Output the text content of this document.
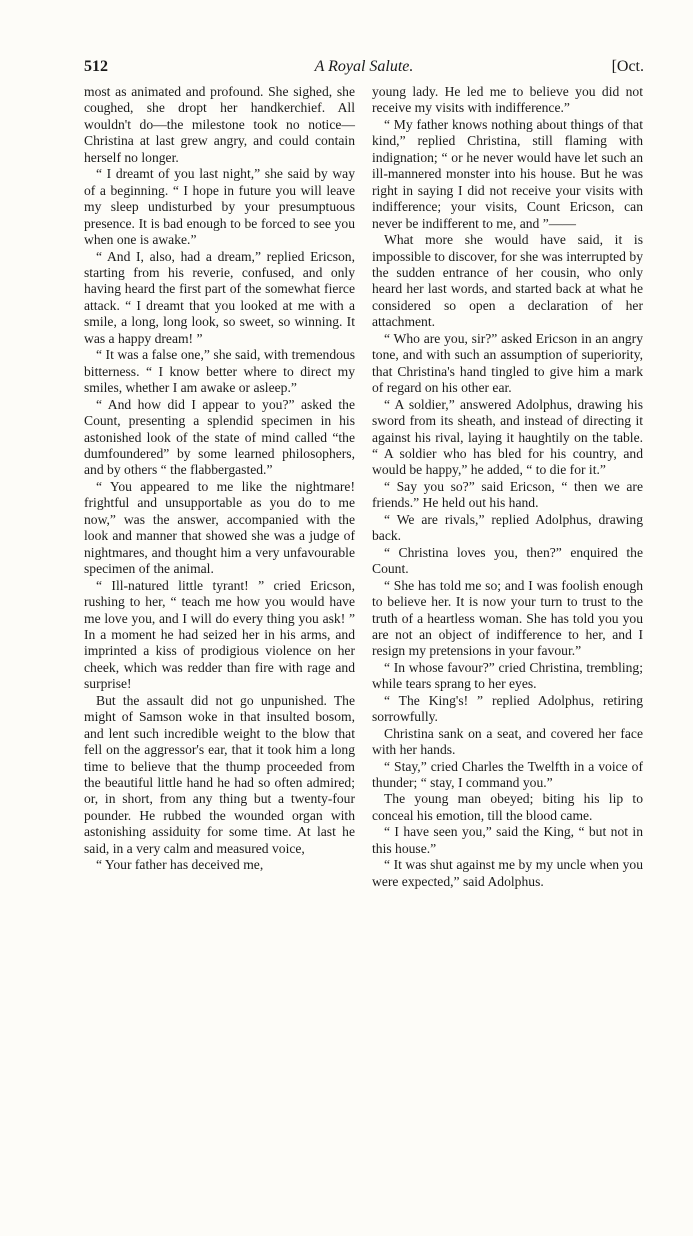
512	A Royal Salute.	[Oct.

most as animated and profound. She sighed, she coughed, she dropt her handkerchief. All wouldn't do—the milestone took no notice—Christina at last grew angry, and could contain herself no longer.

“ I dreamt of you last night,” she said by way of a beginning. “ I hope in future you will leave my sleep undisturbed by your presumptuous presence. It is bad enough to be forced to see you when one is awake.”

“ And I, also, had a dream,” replied Ericson, starting from his reverie, confused, and only having heard the first part of the somewhat fierce attack. “ I dreamt that you looked at me with a smile, a long, long look, so sweet, so winning. It was a happy dream! ”

“ It was a false one,” she said, with tremendous bitterness. “ I know better where to direct my smiles, whether I am awake or asleep.”

“ And how did I appear to you?” asked the Count, presenting a splendid specimen in his astonished look of the state of mind called “the dumfoundered” by some learned philosophers, and by others “ the flabbergasted.”

“ You appeared to me like the nightmare! frightful and unsupportable as you do to me now,” was the answer, accompanied with the look and manner that showed she was a judge of nightmares, and thought him a very unfavourable specimen of the animal.

“ Ill-natured little tyrant! ” cried Ericson, rushing to her, “ teach me how you would have me love you, and I will do every thing you ask! ” In a moment he had seized her in his arms, and imprinted a kiss of prodigious violence on her cheek, which was redder than fire with rage and surprise!

But the assault did not go unpunished. The might of Samson woke in that insulted bosom, and lent such incredible weight to the blow that fell on the aggressor's ear, that it took him a long time to believe that the thump proceeded from the beautiful little hand he had so often admired; or, in short, from any thing but a twenty-four pounder. He rubbed the wounded organ with astonishing assiduity for some time. At last he said, in a very calm and measured voice,

“ Your father has deceived me,

young lady. He led me to believe you did not receive my visits with indifference.”

“ My father knows nothing about things of that kind,” replied Christina, still flaming with indignation; “ or he never would have let such an ill-mannered monster into his house. But he was right in saying I did not receive your visits with indifference; your visits, Count Ericson, can never be indifferent to me, and ”——

What more she would have said, it is impossible to discover, for she was interrupted by the sudden entrance of her cousin, who only heard her last words, and started back at what he considered so open a declaration of her attachment.

“ Who are you, sir?” asked Ericson in an angry tone, and with such an assumption of superiority, that Christina's hand tingled to give him a mark of regard on his other ear.

“ A soldier,” answered Adolphus, drawing his sword from its sheath, and instead of directing it against his rival, laying it haughtily on the table. “ A soldier who has bled for his country, and would be happy,” he added, “ to die for it.”

“ Say you so?” said Ericson, “ then we are friends.” He held out his hand.

“ We are rivals,” replied Adolphus, drawing back.

“ Christina loves you, then?” enquired the Count.

“ She has told me so; and I was foolish enough to believe her. It is now your turn to trust to the truth of a heartless woman. She has told you you are not an object of indifference to her, and I resign my pretensions in your favour.”

“ In whose favour?” cried Christina, trembling; while tears sprang to her eyes.

“ The King's! ” replied Adolphus, retiring sorrowfully.

Christina sank on a seat, and covered her face with her hands.

“ Stay,” cried Charles the Twelfth in a voice of thunder; “ stay, I command you.”

The young man obeyed; biting his lip to conceal his emotion, till the blood came.

“ I have seen you,” said the King, “ but not in this house.”

“ It was shut against me by my uncle when you were expected,” said Adolphus.
